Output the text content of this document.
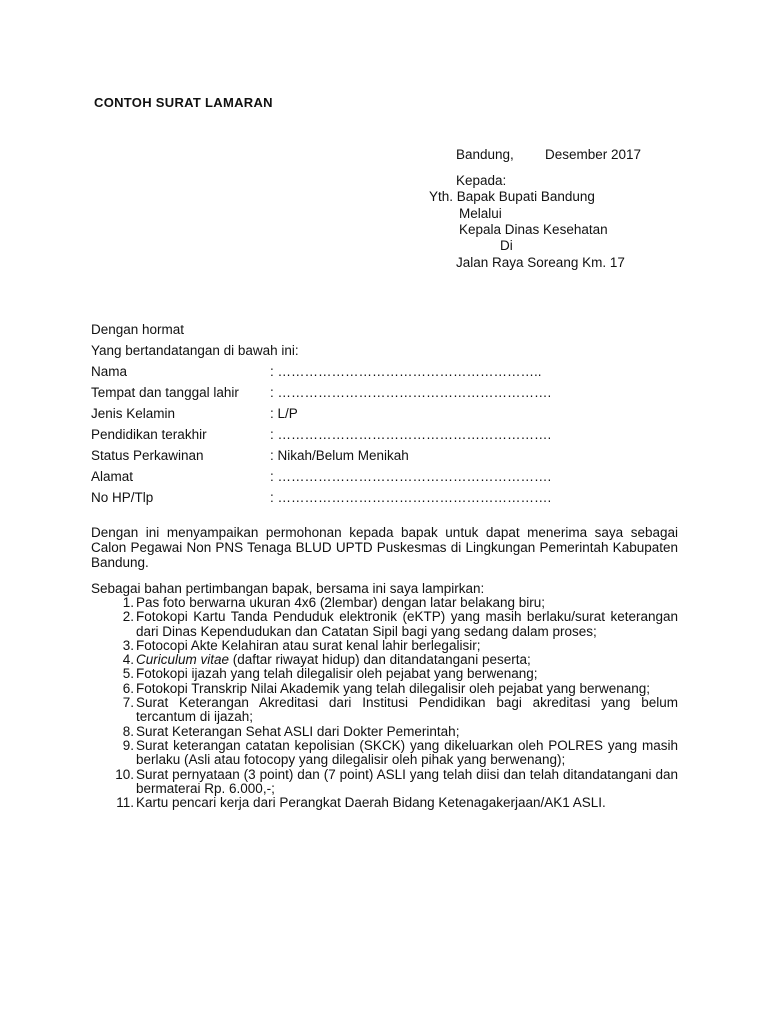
CONTOH SURAT LAMARAN
Bandung, Desember 2017
Kepada:
Yth. Bapak Bupati Bandung
Melalui
Kepala Dinas Kesehatan
Di
Jalan Raya Soreang Km. 17
Dengan hormat
Yang bertandatangan di bawah ini:
Nama	: …………………………………………………..
Tempat dan tanggal lahir : …………………………………………………….
Jenis Kelamin	: L/P
Pendidikan terakhir	: …………………………………………………….
Status Perkawinan	: Nikah/Belum Menikah
Alamat	: …………………………………………………….
No HP/Tlp	: …………………………………………………….
Dengan ini menyampaikan permohonan kepada bapak untuk dapat menerima saya sebagai Calon Pegawai Non PNS Tenaga BLUD UPTD Puskesmas di Lingkungan Pemerintah Kabupaten Bandung.
Sebagai bahan pertimbangan bapak, bersama ini saya lampirkan:
1 . Pas foto berwarna ukuran 4x6 (2lembar) dengan latar belakang biru;
2 . Fotokopi Kartu Tanda Penduduk elektronik (eKTP) yang masih berlaku/surat keterangan dari Dinas Kependudukan dan Catatan Sipil bagi yang sedang dalam proses;
3 . Fotocopi Akte Kelahiran atau surat kenal lahir berlegalisir;
4 . Curiculum vitae (daftar riwayat hidup) dan ditandatangani peserta;
5 . Fotokopi ijazah yang telah dilegalisir oleh pejabat yang berwenang;
6 . Fotokopi Transkrip Nilai Akademik yang telah dilegalisir oleh pejabat yang berwenang;
7 . Surat Keterangan Akreditasi dari Institusi Pendidikan bagi akreditasi yang belum tercantum di ijazah;
8 . Surat Keterangan Sehat ASLI dari Dokter Pemerintah;
9 . Surat keterangan catatan kepolisian (SKCK) yang dikeluarkan oleh POLRES yang masih berlaku (Asli atau fotocopy yang dilegalisir oleh pihak yang berwenang);
10 . Surat pernyataan (3 point) dan (7 point) ASLI yang telah diisi dan telah ditandatangani dan bermaterai Rp. 6.000,-;
11 . Kartu pencari kerja dari Perangkat Daerah Bidang Ketenagakerjaan/AK1 ASLI.
